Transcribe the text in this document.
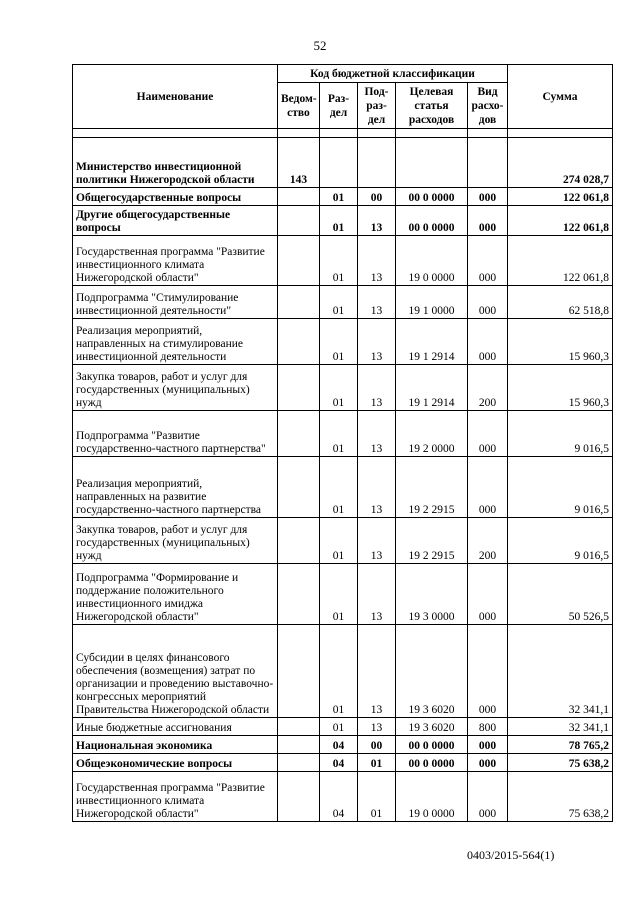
52
Наименование	Код бюджетной классификации					Сумма
	Ведом-ство	Раз-дел	Под-раз-дел	Целевая статья расходов	Вид расхо-дов	

Министерство инвестиционной политики Нижегородской области	143					274 028,7
Общегосударственные вопросы		01	00	00 0 0000	000	122 061,8
Другие общегосударственные вопросы		01	13	00 0 0000	000	122 061,8
Государственная программа "Развитие инвестиционного климата Нижегородской области"		01	13	19 0 0000	000	122 061,8
Подпрограмма "Стимулирование инвестиционной деятельности"		01	13	19 1 0000	000	62 518,8
Реализация мероприятий, направленных на стимулирование инвестиционной деятельности		01	13	19 1 2914	000	15 960,3
Закупка товаров, работ и услуг для государственных (муниципальных) нужд		01	13	19 1 2914	200	15 960,3
Подпрограмма "Развитие государственно-частного партнерства"		01	13	19 2 0000	000	9 016,5
Реализация мероприятий, направленных на развитие государственно-частного партнерства		01	13	19 2 2915	000	9 016,5
Закупка товаров, работ и услуг для государственных (муниципальных) нужд		01	13	19 2 2915	200	9 016,5
Подпрограмма "Формирование и поддержание положительного инвестиционного имиджа Нижегородской области"		01	13	19 3 0000	000	50 526,5
Субсидии в целях финансового обеспечения (возмещения) затрат по организации и проведению выставочно-конгрессных мероприятий Правительства Нижегородской области		01	13	19 3 6020	000	32 341,1
Иные бюджетные ассигнования		01	13	19 3 6020	800	32 341,1
Национальная экономика		04	00	00 0 0000	000	78 765,2
Общеэкономические вопросы		04	01	00 0 0000	000	75 638,2
Государственная программа "Развитие инвестиционного климата Нижегородской области"		04	01	19 0 0000	000	75 638,2
0403/2015-564(1)
